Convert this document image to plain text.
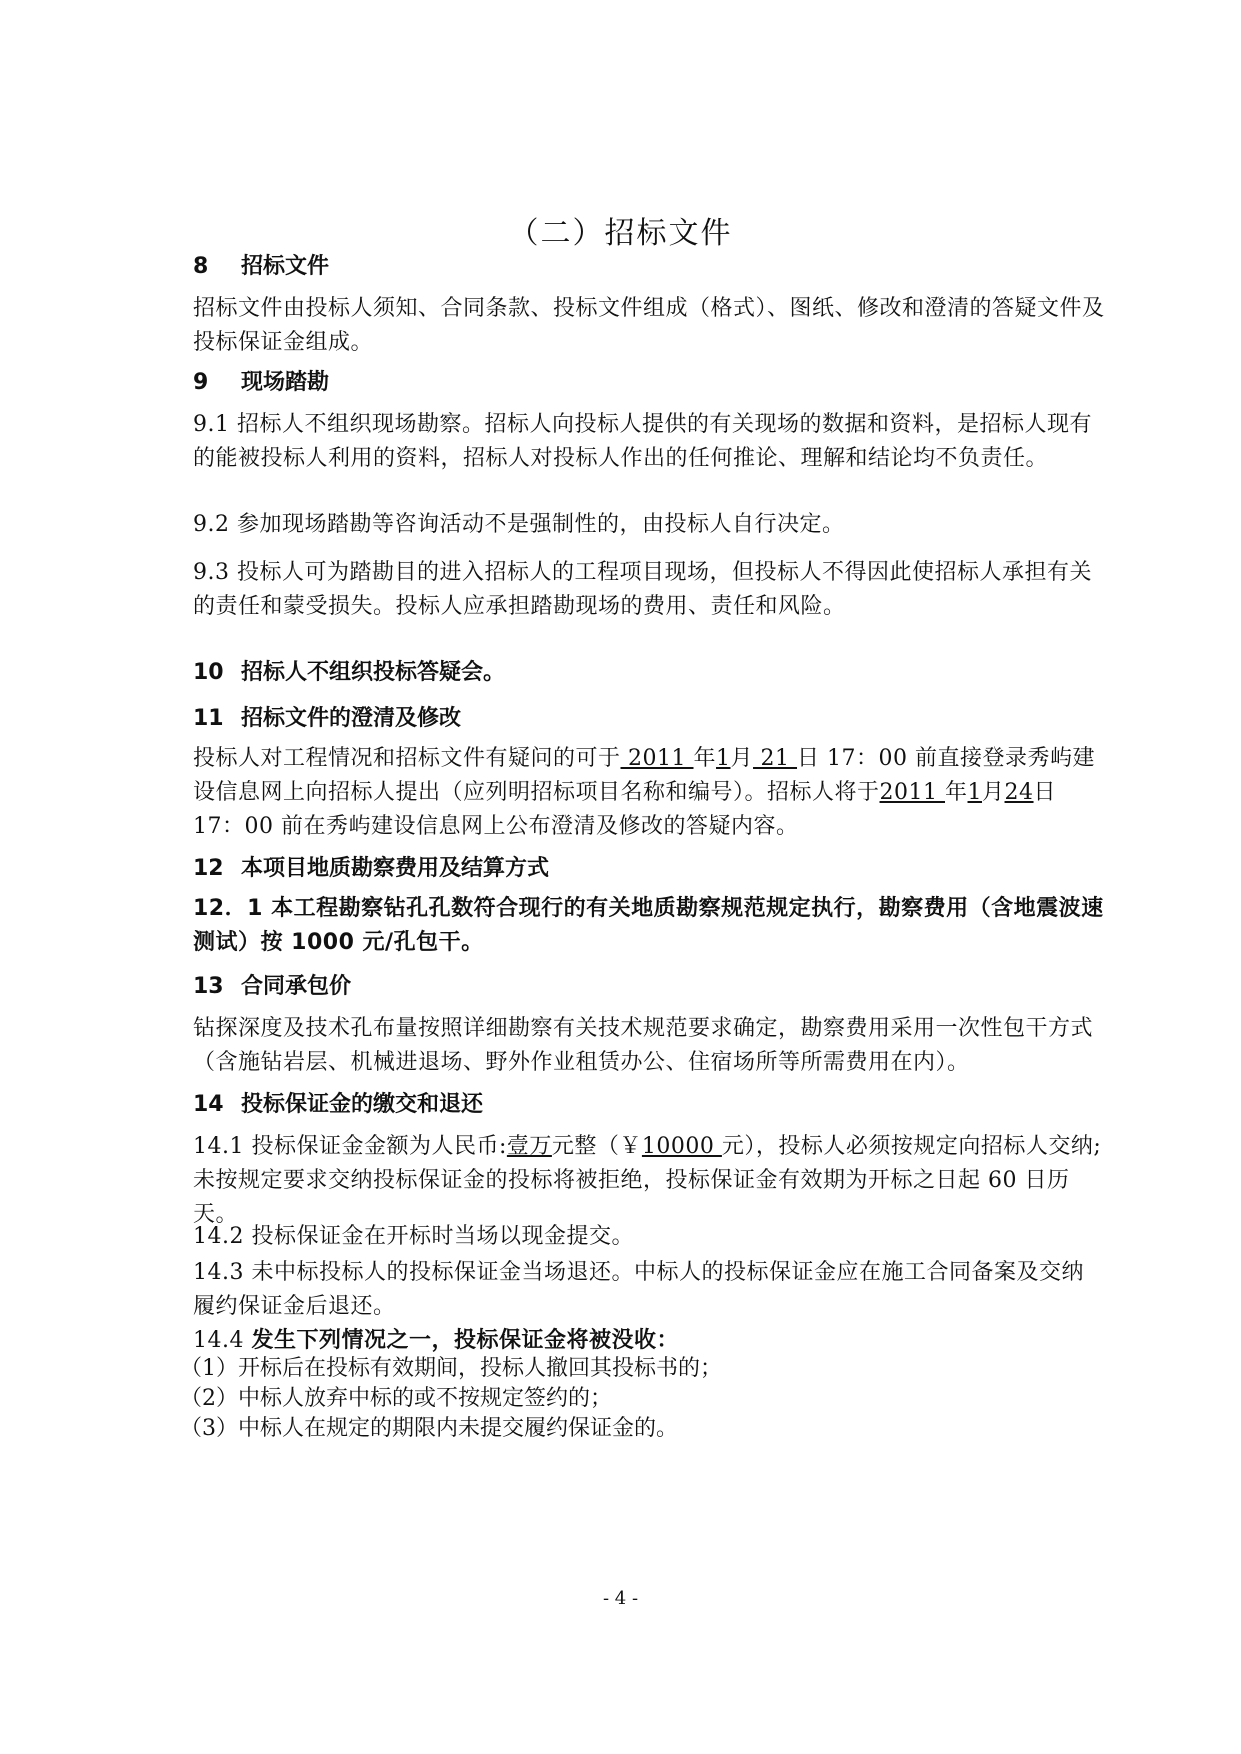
（二）招标文件
8 招标文件
招标文件由投标人须知、合同条款、投标文件组成（格式）、图纸、修改和澄清的答疑文件及投标保证金组成。
9 现场踏勘
9.1 招标人不组织现场勘察。招标人向投标人提供的有关现场的数据和资料，是招标人现有的能被投标人利用的资料，招标人对投标人作出的任何推论、理解和结论均不负责任。
9.2 参加现场踏勘等咨询活动不是强制性的，由投标人自行决定。
9.3 投标人可为踏勘目的进入招标人的工程项目现场，但投标人不得因此使招标人承担有关的责任和蒙受损失。投标人应承担踏勘现场的费用、责任和风险。
10 招标人不组织投标答疑会。
11 招标文件的澄清及修改
投标人对工程情况和招标文件有疑问的可于 2011 年1月 21 日 17：00 前直接登录秀屿建设信息网上向招标人提出（应列明招标项目名称和编号）。招标人将于2011 年1月24日 17：00 前在秀屿建设信息网上公布澄清及修改的答疑内容。
12 本项目地质勘察费用及结算方式
12．1 本工程勘察钻孔孔数符合现行的有关地质勘察规范规定执行，勘察费用（含地震波速测试）按 1000 元/孔包干。
13 合同承包价
钻探深度及技术孔布量按照详细勘察有关技术规范要求确定，勘察费用采用一次性包干方式（含施钻岩层、机械进退场、野外作业租赁办公、住宿场所等所需费用在内）。
14 投标保证金的缴交和退还
14.1 投标保证金金额为人民币:壹万元整（￥10000 元），投标人必须按规定向招标人交纳; 未按规定要求交纳投标保证金的投标将被拒绝，投标保证金有效期为开标之日起 60 日历天。
14.2 投标保证金在开标时当场以现金提交。
14.3 未中标投标人的投标保证金当场退还。中标人的投标保证金应在施工合同备案及交纳履约保证金后退还。
14.4 发生下列情况之一，投标保证金将被没收：
（1）开标后在投标有效期间，投标人撤回其投标书的；
（2）中标人放弃中标的或不按规定签约的；
（3）中标人在规定的期限内未提交履约保证金的。
- 4 -
